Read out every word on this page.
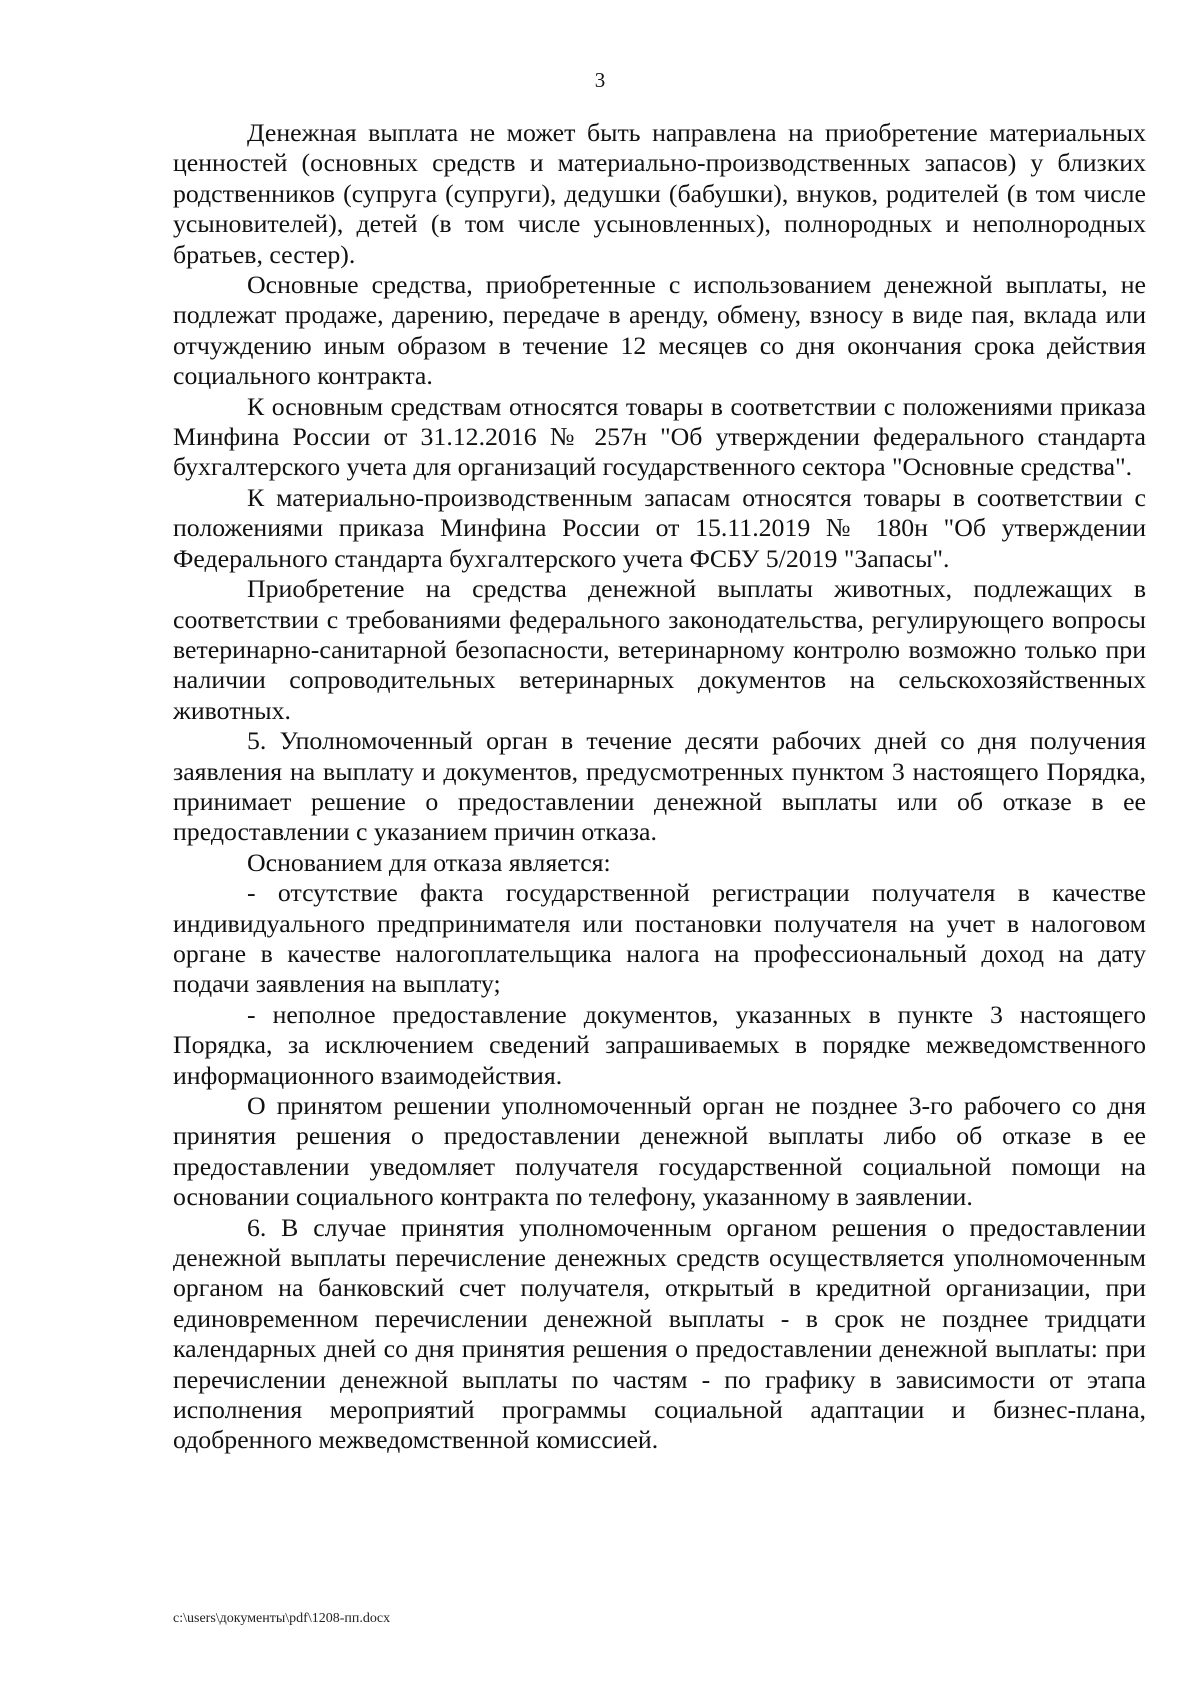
3

Денежная выплата не может быть направлена на приобретение материальных ценностей (основных средств и материально-производственных запасов) у близких родственников (супруга (супруги), дедушки (бабушки), внуков, родителей (в том числе усыновителей), детей (в том числе усыновленных), полнородных и неполнородных братьев, сестер).

Основные средства, приобретенные с использованием денежной выплаты, не подлежат продаже, дарению, передаче в аренду, обмену, взносу в виде пая, вклада или отчуждению иным образом в течение 12 месяцев со дня окончания срока действия социального контракта.

К основным средствам относятся товары в соответствии с положениями приказа Минфина России от 31.12.2016 № 257н "Об утверждении федерального стандарта бухгалтерского учета для организаций государственного сектора "Основные средства".

К материально-производственным запасам относятся товары в соответствии с положениями приказа Минфина России от 15.11.2019 № 180н "Об утверждении Федерального стандарта бухгалтерского учета ФСБУ 5/2019 "Запасы".

Приобретение на средства денежной выплаты животных, подлежащих в соответствии с требованиями федерального законодательства, регулирующего вопросы ветеринарно-санитарной безопасности, ветеринарному контролю возможно только при наличии сопроводительных ветеринарных документов на сельскохозяйственных животных.

5. Уполномоченный орган в течение десяти рабочих дней со дня получения заявления на выплату и документов, предусмотренных пунктом 3 настоящего Порядка, принимает решение о предоставлении денежной выплаты или об отказе в ее предоставлении с указанием причин отказа.

Основанием для отказа является:

- отсутствие факта государственной регистрации получателя в качестве индивидуального предпринимателя или постановки получателя на учет в налоговом органе в качестве налогоплательщика налога на профессиональный доход на дату подачи заявления на выплату;

- неполное предоставление документов, указанных в пункте 3 настоящего Порядка, за исключением сведений запрашиваемых в порядке межведомственного информационного взаимодействия.

О принятом решении уполномоченный орган не позднее 3-го рабочего со дня принятия решения о предоставлении денежной выплаты либо об отказе в ее предоставлении уведомляет получателя государственной социальной помощи на основании социального контракта по телефону, указанному в заявлении.

6. В случае принятия уполномоченным органом решения о предоставлении денежной выплаты перечисление денежных средств осуществляется уполномоченным органом на банковский счет получателя, открытый в кредитной организации, при единовременном перечислении денежной выплаты - в срок не позднее тридцати календарных дней со дня принятия решения о предоставлении денежной выплаты: при перечислении денежной выплаты по частям - по графику в зависимости от этапа исполнения мероприятий программы социальной адаптации и бизнес-плана, одобренного межведомственной комиссией.

c:\users\документы\pdf\1208-пп.docx
